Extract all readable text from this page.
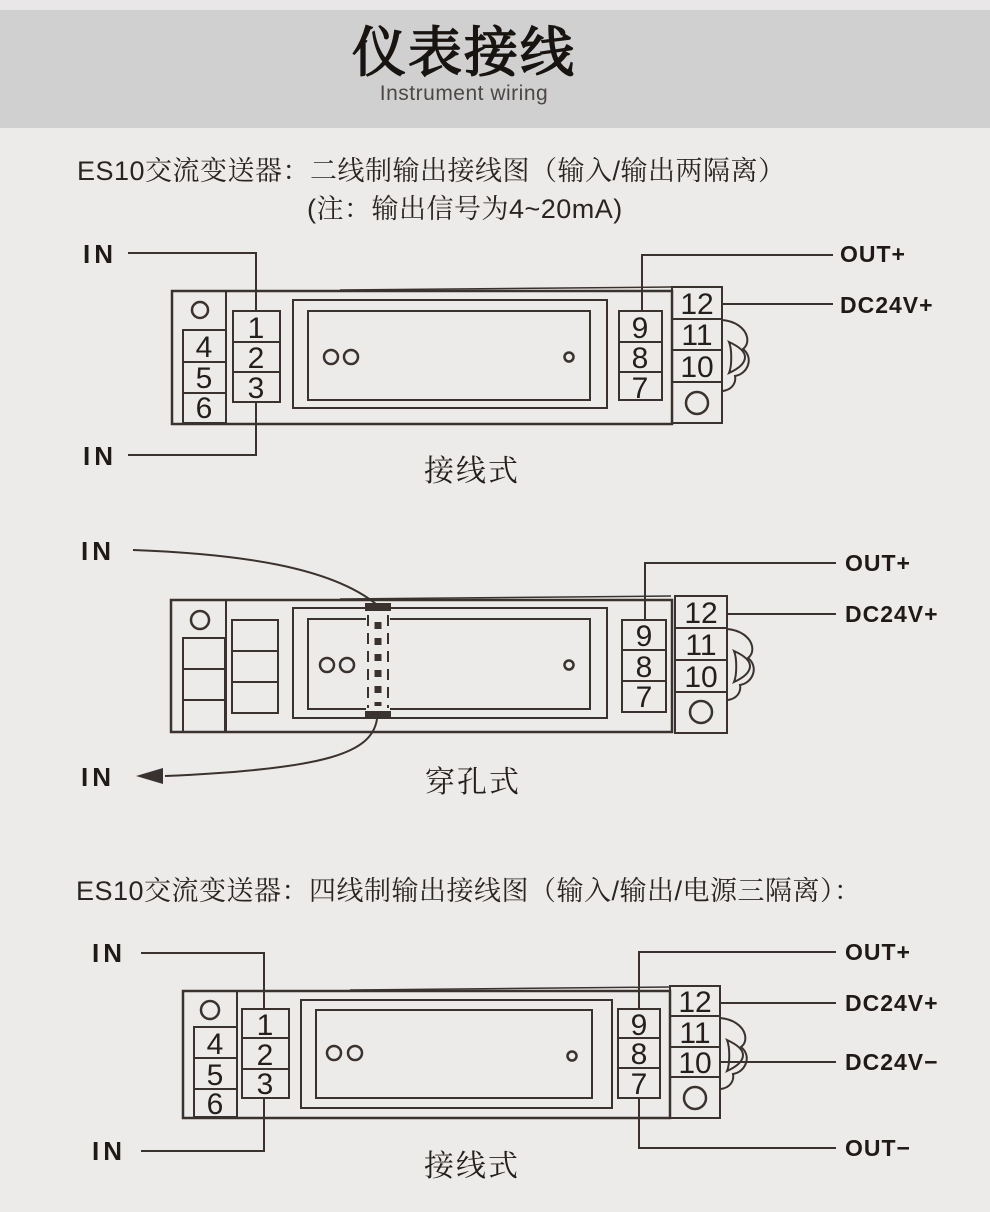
仪表接线
Instrument wiring
ES10交流变送器：二线制输出接线图（输入/输出两隔离）
(注：输出信号为4~20mA)
ES10交流变送器：四线制输出接线图（输入/输出/电源三隔离）：
4
5
6
1
2
3
9
8
7
12
11
10
IN
IN
OUT+
DC24V+
接线式
9
8
7
12
11
10
IN
IN
OUT+
DC24V+
穿孔式
4
5
6
1
2
3
9
8
7
12
11
10
IN
IN
OUT+
DC24V+
DC24V−
OUT−
接线式
